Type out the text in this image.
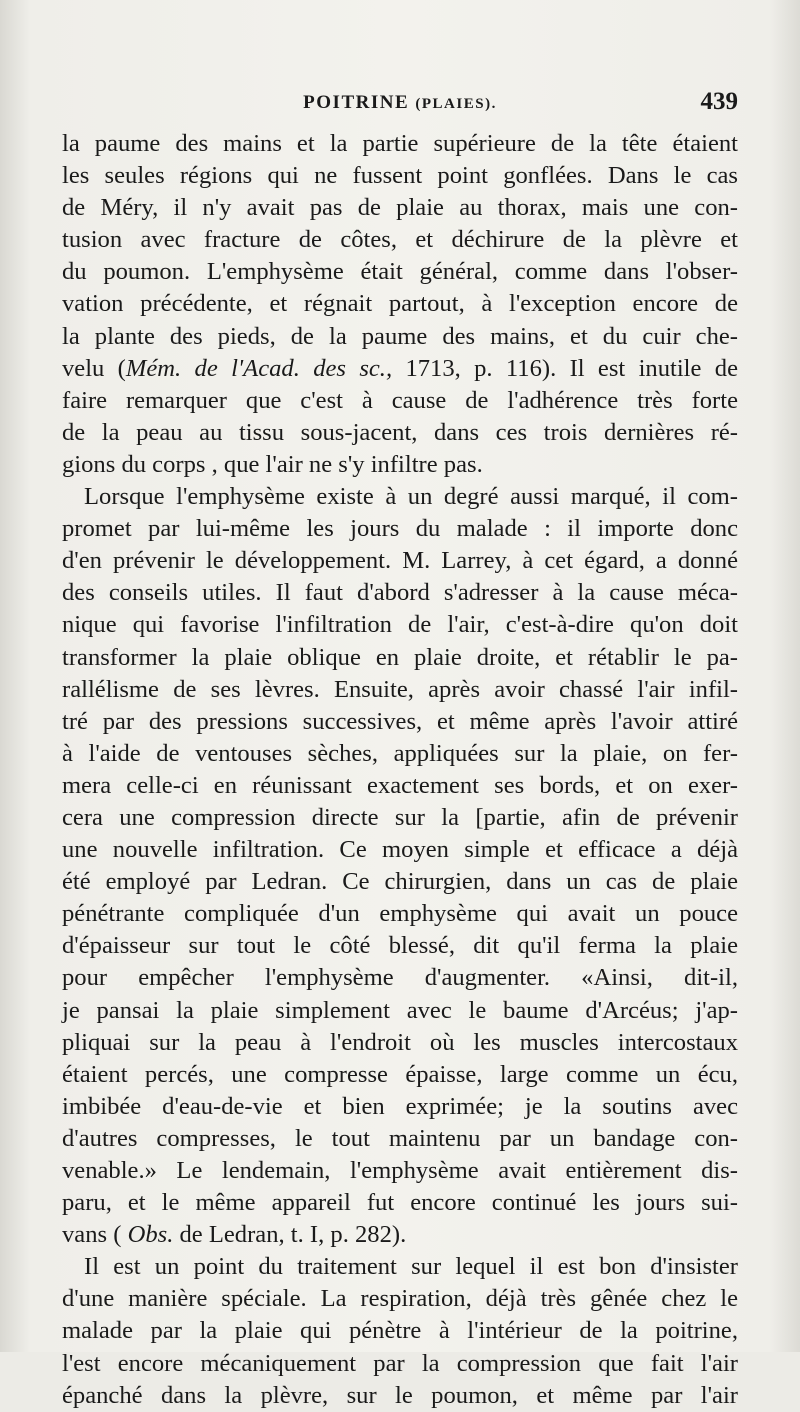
POITRINE (PLAIES).	439
la paume des mains et la partie supérieure de la tête étaient
les seules régions qui ne fussent point gonflées. Dans le cas
de Méry, il n'y avait pas de plaie au thorax, mais une con-
tusion avec fracture de côtes, et déchirure de la plèvre et
du poumon. L'emphysème était général, comme dans l'obser-
vation précédente, et régnait partout, à l'exception encore de
la plante des pieds, de la paume des mains, et du cuir che-
velu (Mém. de l'Acad. des sc., 1713, p. 116). Il est inutile de
faire remarquer que c'est à cause de l'adhérence très forte
de la peau au tissu sous-jacent, dans ces trois dernières ré-
gions du corps , que l'air ne s'y infiltre pas.
Lorsque l'emphysème existe à un degré aussi marqué, il com-
promet par lui-même les jours du malade : il importe donc
d'en prévenir le développement. M. Larrey, à cet égard, a donné
des conseils utiles. Il faut d'abord s'adresser à la cause méca-
nique qui favorise l'infiltration de l'air, c'est-à-dire qu'on doit
transformer la plaie oblique en plaie droite, et rétablir le pa-
rallélisme de ses lèvres. Ensuite, après avoir chassé l'air infil-
tré par des pressions successives, et même après l'avoir attiré
à l'aide de ventouses sèches, appliquées sur la plaie, on fer-
mera celle-ci en réunissant exactement ses bords, et on exer-
cera une compression directe sur la [partie, afin de prévenir
une nouvelle infiltration. Ce moyen simple et efficace a déjà
été employé par Ledran. Ce chirurgien, dans un cas de plaie
pénétrante compliquée d'un emphysème qui avait un pouce
d'épaisseur sur tout le côté blessé, dit qu'il ferma la plaie
pour empêcher l'emphysème d'augmenter. «Ainsi, dit-il,
je pansai la plaie simplement avec le baume d'Arcéus; j'ap-
pliquai sur la peau à l'endroit où les muscles intercostaux
étaient percés, une compresse épaisse, large comme un écu,
imbibée d'eau-de-vie et bien exprimée; je la soutins avec
d'autres compresses, le tout maintenu par un bandage con-
venable.» Le lendemain, l'emphysème avait entièrement dis-
paru, et le même appareil fut encore continué les jours sui-
vans ( Obs. de Ledran, t. I, p. 282).
Il est un point du traitement sur lequel il est bon d'insister
d'une manière spéciale. La respiration, déjà très gênée chez le
malade par la plaie qui pénètre à l'intérieur de la poitrine,
l'est encore mécaniquement par la compression que fait l'air
épanché dans la plèvre, sur le poumon, et même par l'air
